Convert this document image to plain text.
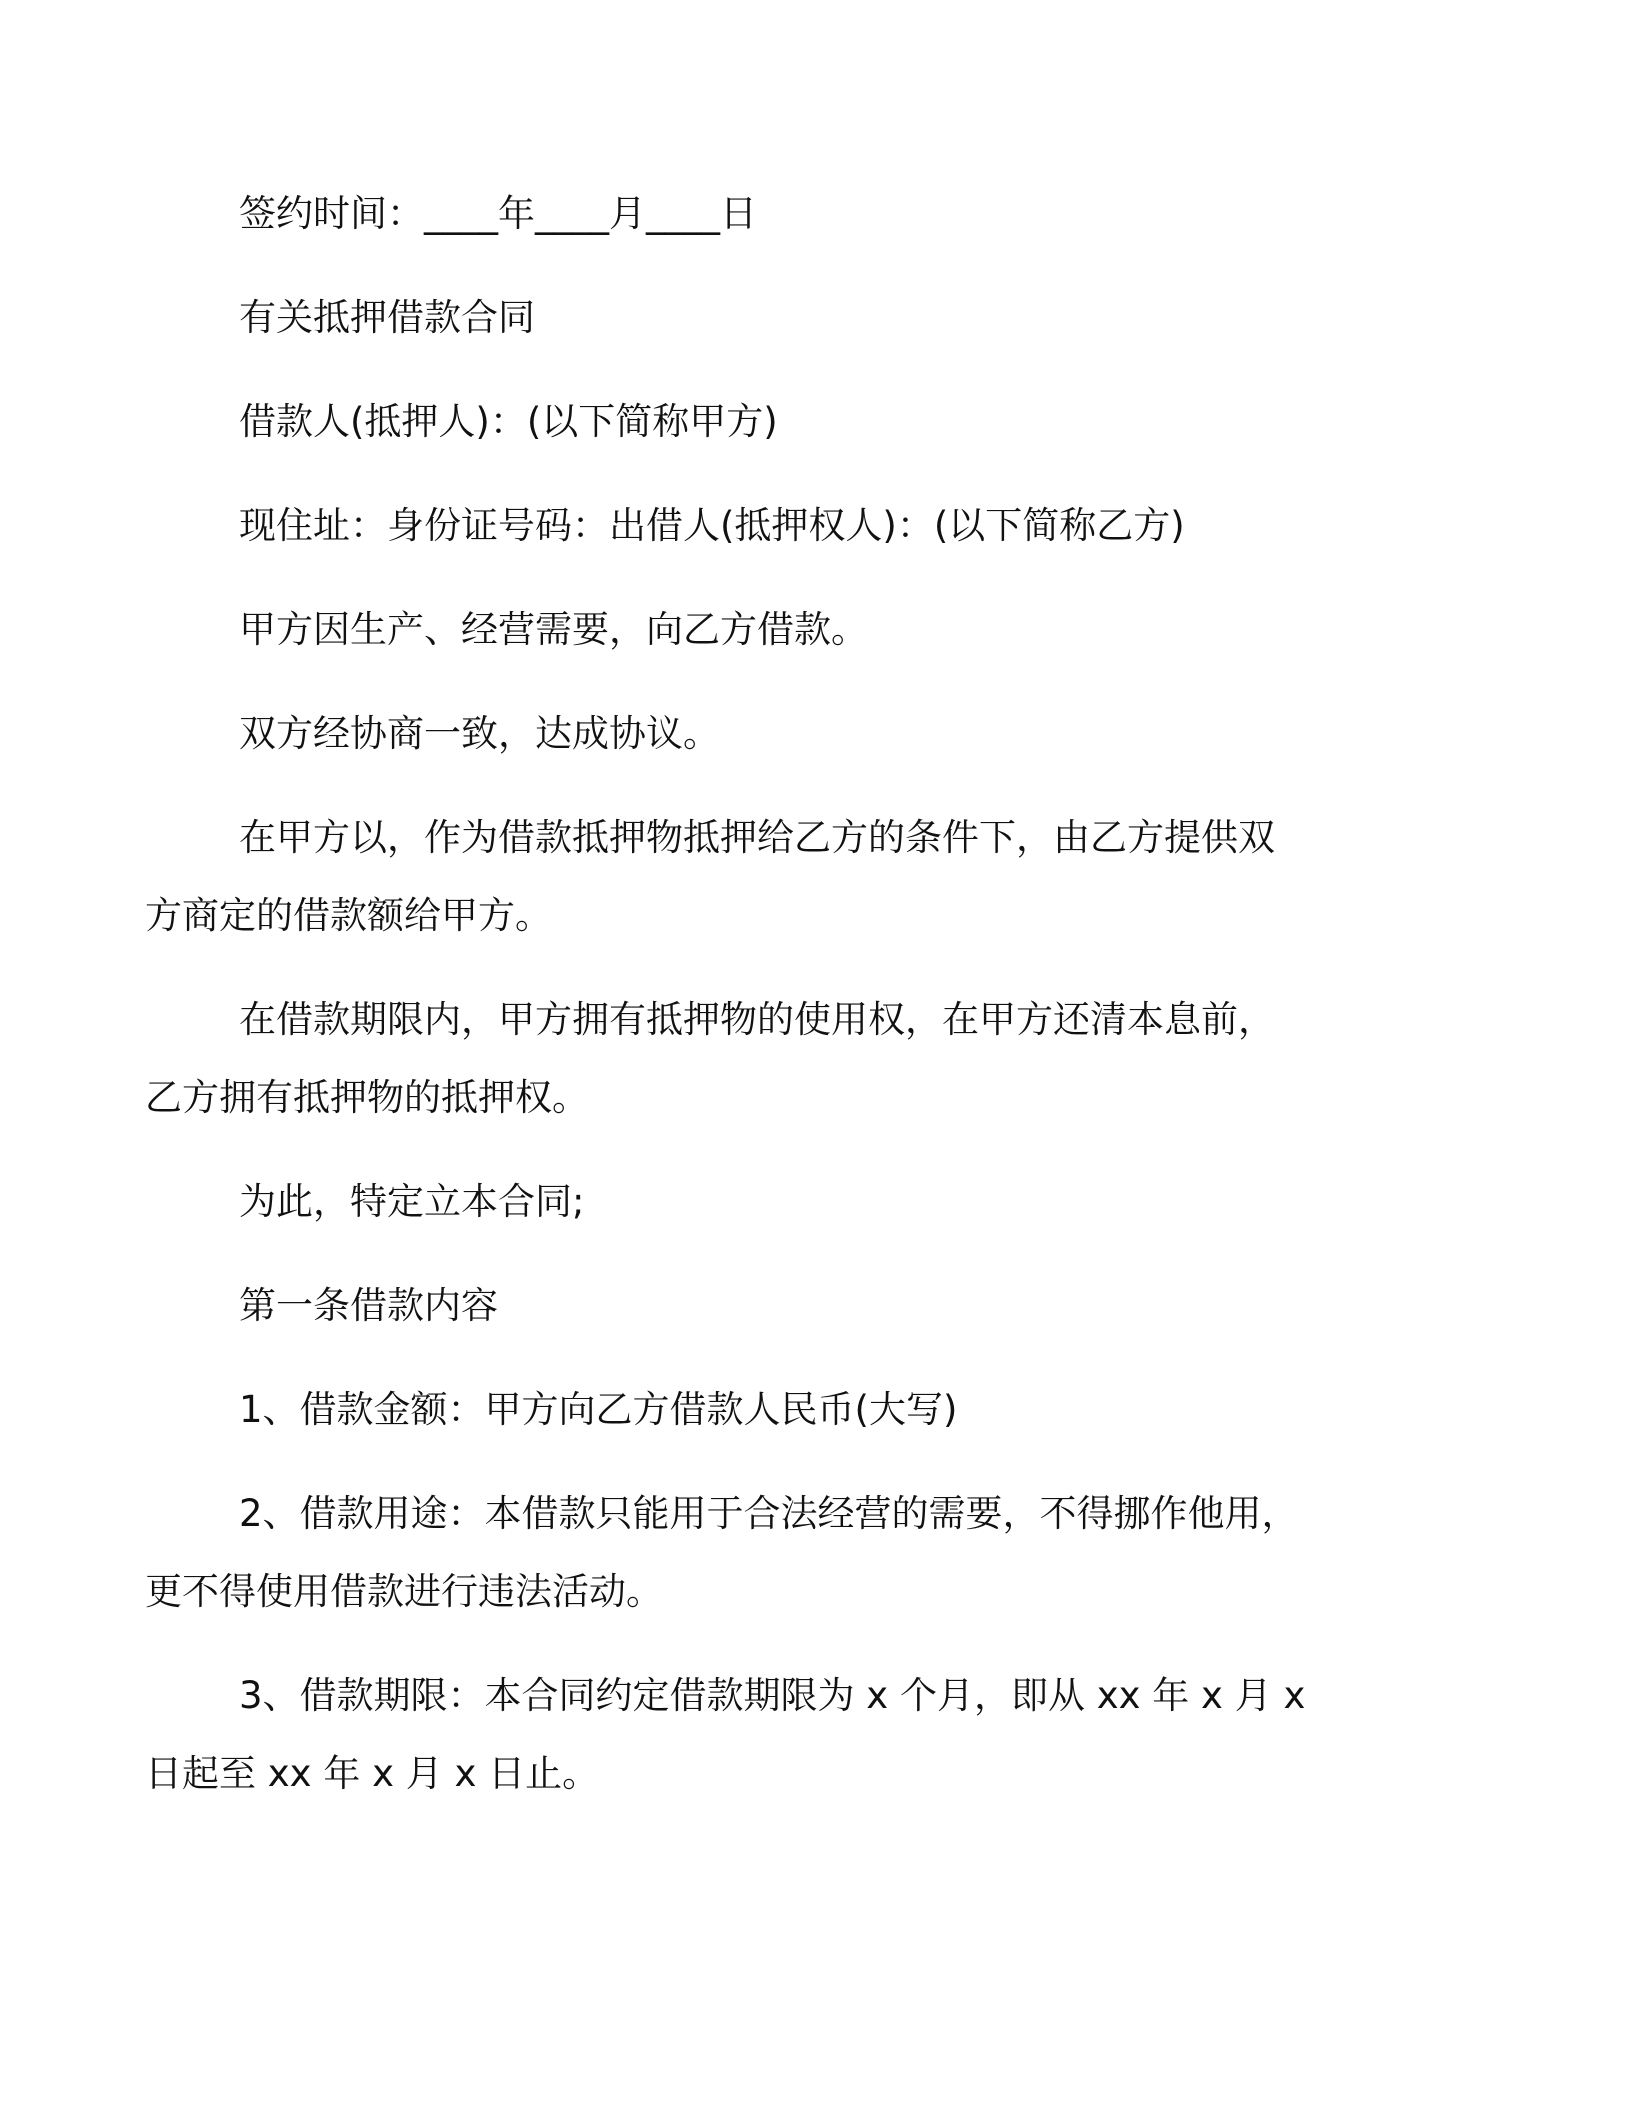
签约时间：____年____月____日

有关抵押借款合同

借款人(抵押人)：(以下简称甲方)

现住址：身份证号码：出借人(抵押权人)：(以下简称乙方)

甲方因生产、经营需要，向乙方借款。

双方经协商一致，达成协议。

在甲方以，作为借款抵押物抵押给乙方的条件下，由乙方提供双
方商定的借款额给甲方。
在借款期限内，甲方拥有抵押物的使用权，在甲方还清本息前，
乙方拥有抵押物的抵押权。

为此，特定立本合同;

第一条借款内容

1、借款金额：甲方向乙方借款人民币(大写)

2、借款用途：本借款只能用于合法经营的需要，不得挪作他用，
更不得使用借款进行违法活动。
3、借款期限：本合同约定借款期限为 x 个月，即从 xx 年 x 月 x
日起至 xx 年 x 月 x 日止。
